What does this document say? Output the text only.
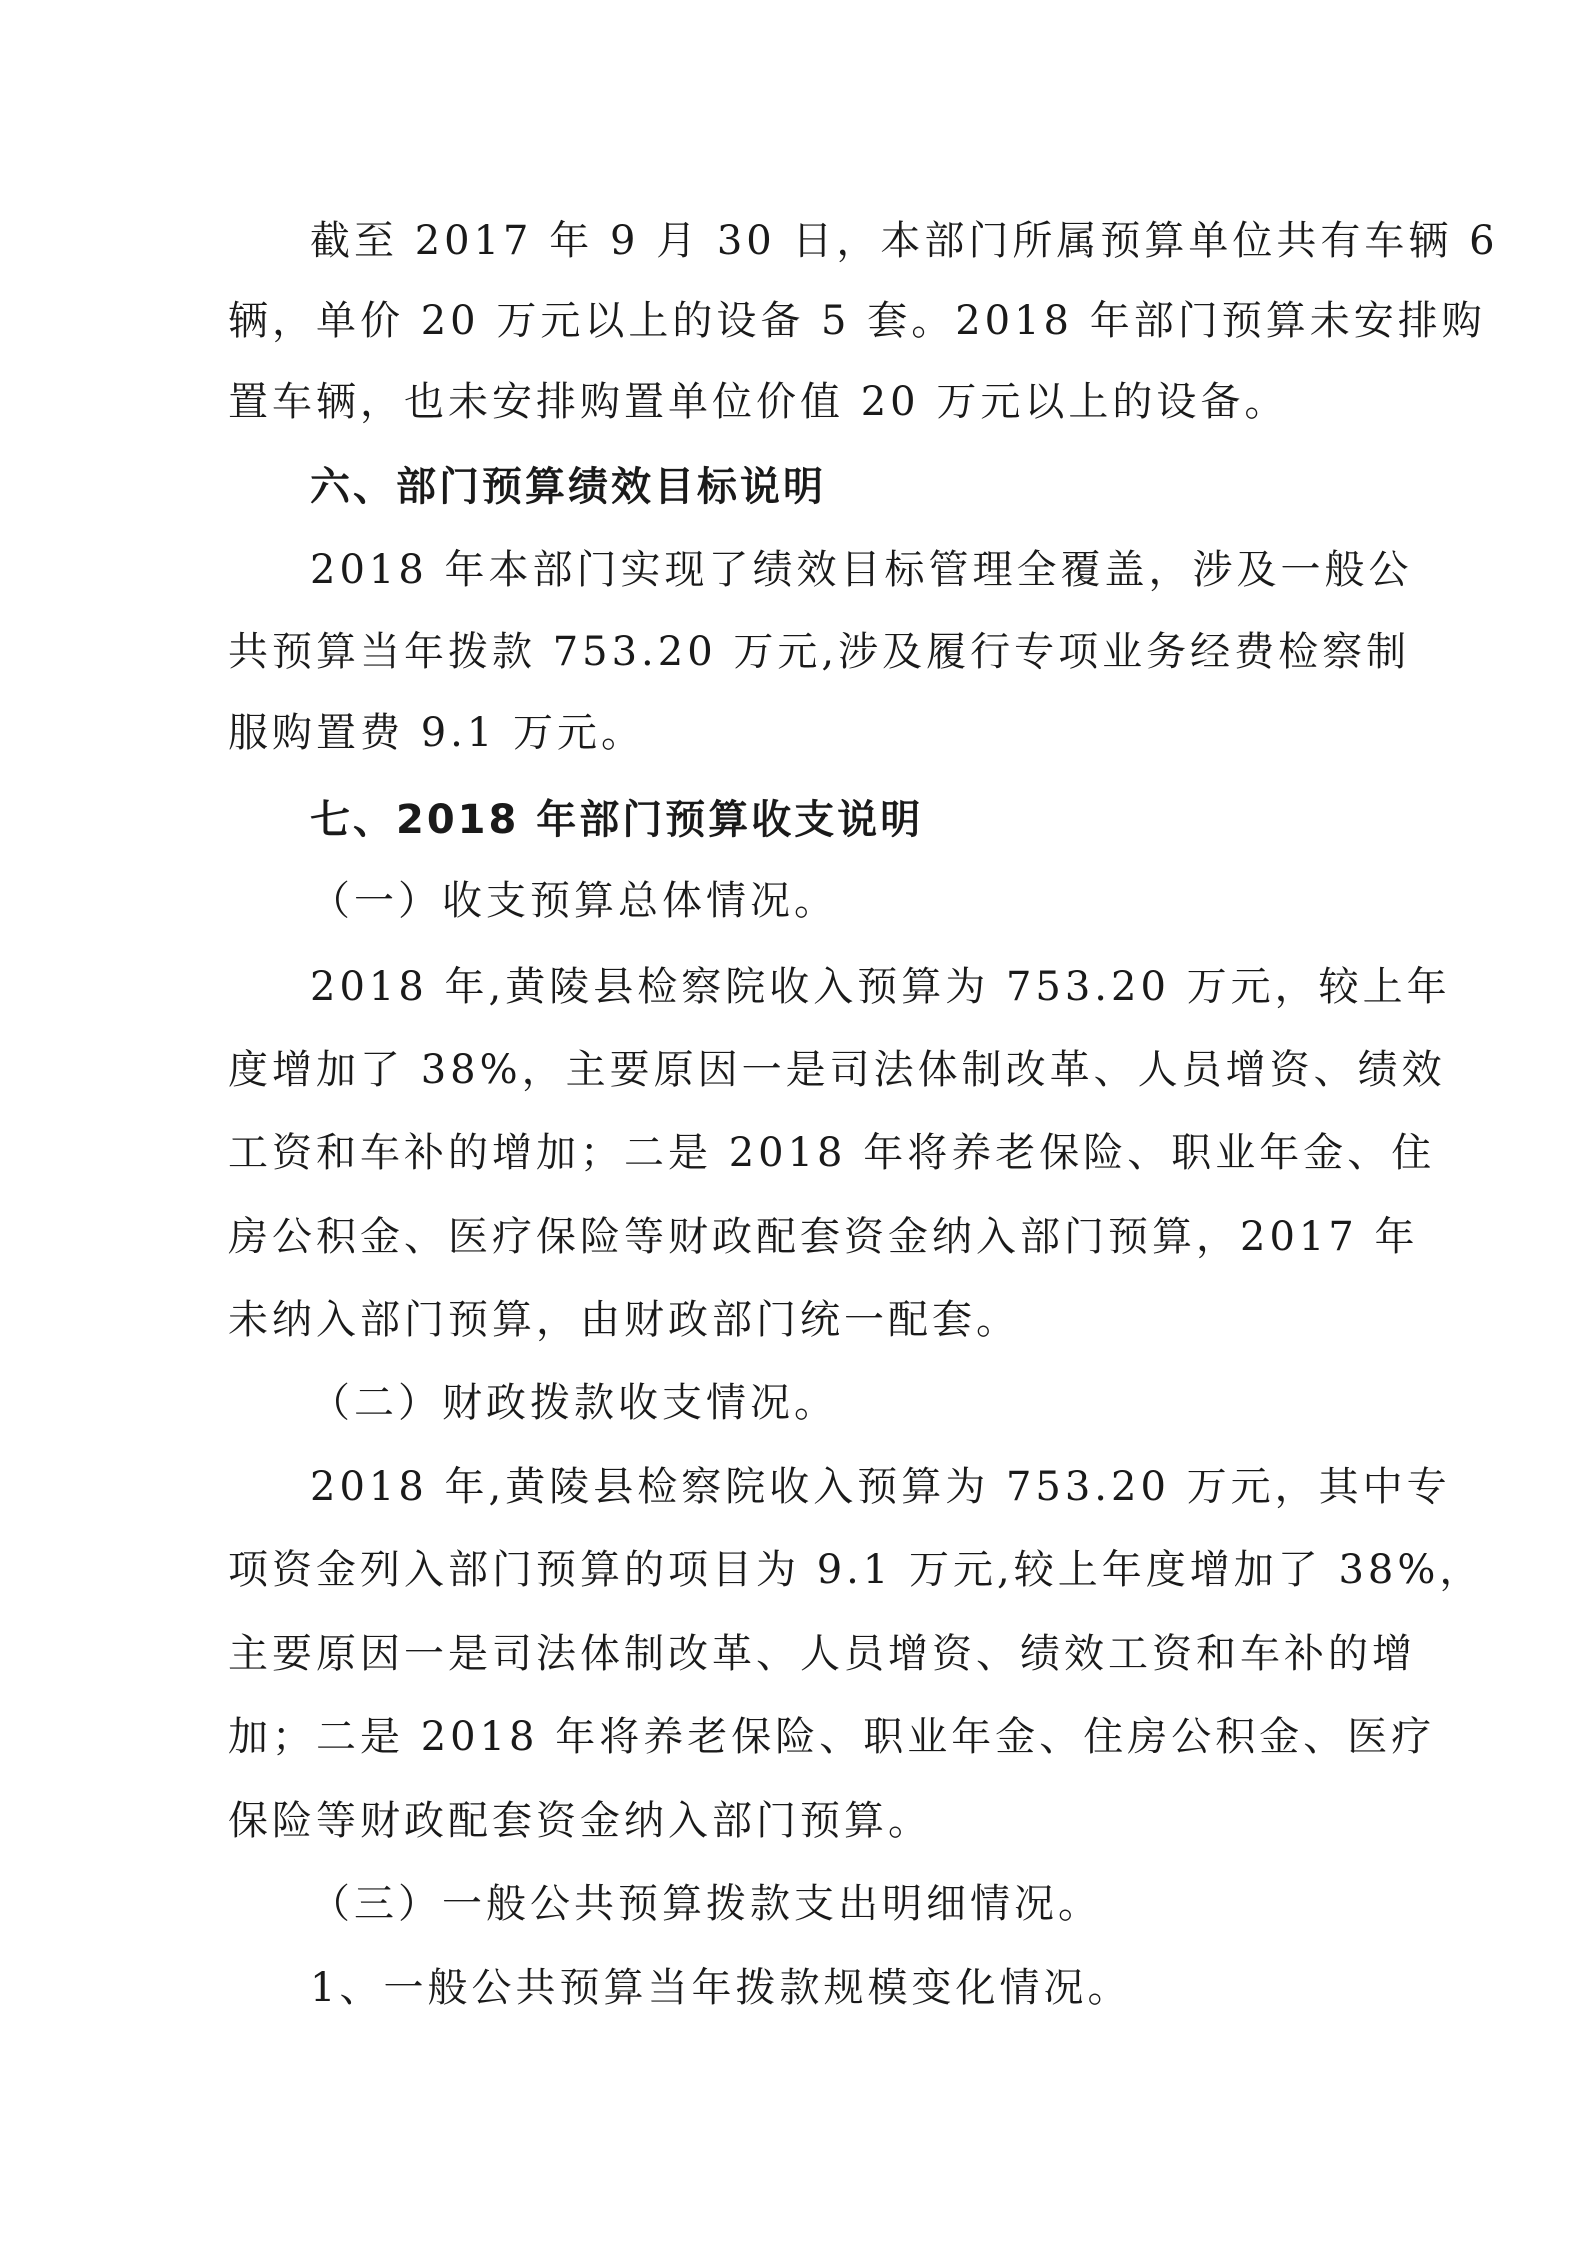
截至 2017 年 9 月 30 日，本部门所属预算单位共有车辆 6
辆，单价 20 万元以上的设备 5 套。2018 年部门预算未安排购
置车辆，也未安排购置单位价值 20 万元以上的设备。
六、部门预算绩效目标说明
2018 年本部门实现了绩效目标管理全覆盖，涉及一般公
共预算当年拨款 753.20 万元,涉及履行专项业务经费检察制
服购置费 9.1 万元。
七、2018 年部门预算收支说明
（一）收支预算总体情况。
2018 年,黄陵县检察院收入预算为 753.20 万元，较上年
度增加了 38%，主要原因一是司法体制改革、人员增资、绩效
工资和车补的增加；二是 2018 年将养老保险、职业年金、住
房公积金、医疗保险等财政配套资金纳入部门预算，2017 年
未纳入部门预算，由财政部门统一配套。
（二）财政拨款收支情况。
2018 年,黄陵县检察院收入预算为 753.20 万元，其中专
项资金列入部门预算的项目为 9.1 万元,较上年度增加了 38%，
主要原因一是司法体制改革、人员增资、绩效工资和车补的增
加；二是 2018 年将养老保险、职业年金、住房公积金、医疗
保险等财政配套资金纳入部门预算。
（三）一般公共预算拨款支出明细情况。
1、一般公共预算当年拨款规模变化情况。
